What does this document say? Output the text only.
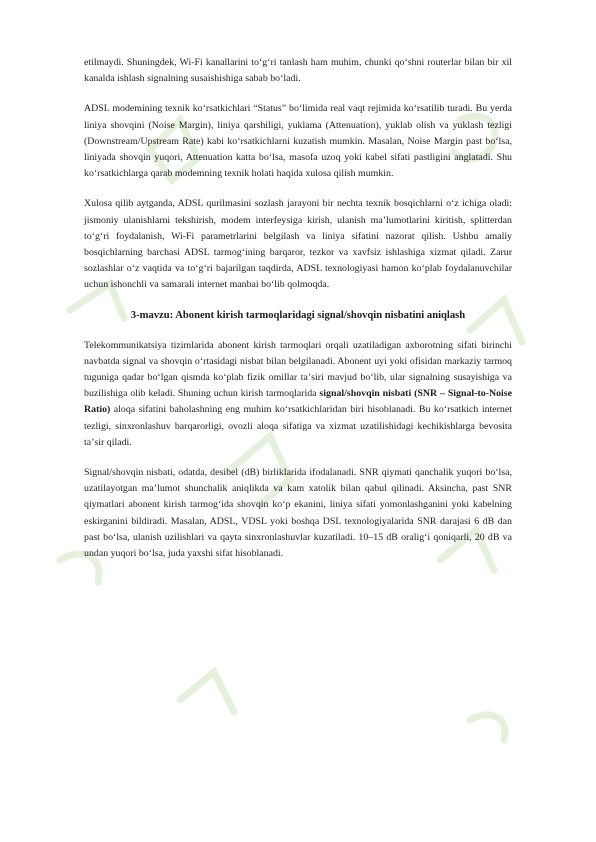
etilmaydi. Shuningdek, Wi-Fi kanallarini toʻgʻri tanlash ham muhim, chunki qoʻshni routerlar bilan bir xil kanalda ishlash signalning susaishishiga sabab boʻladi.

ADSL modemining texnik koʻrsatkichlari “Status” boʻlimida real vaqt rejimida koʻrsatilib turadi. Bu yerda liniya shovqini (Noise Margin), liniya qarshiligi, yuklama (Attenuation), yuklab olish va yuklash tezligi (Downstream/Upstream Rate) kabi koʻrsatkichlarni kuzatish mumkin. Masalan, Noise Margin past boʻlsa, liniyada shovqin yuqori, Attenuation katta boʻlsa, masofa uzoq yoki kabel sifati pastligini anglatadi. Shu koʻrsatkichlarga qarab modemning texnik holati haqida xulosa qilish mumkin.

Xulosa qilib aytganda, ADSL qurilmasini sozlash jarayoni bir nechta texnik bosqichlarni oʻz ichiga oladi: jismoniy ulanishlarni tekshirish, modem interfeysiga kirish, ulanish maʼlumotlarini kiritish, splitterdan toʻgʻri foydalanish, Wi-Fi parametrlarini belgilash va liniya sifatini nazorat qilish. Ushbu amaliy bosqichlarning barchasi ADSL tarmogʻining barqaror, tezkor va xavfsiz ishlashiga xizmat qiladi. Zarur sozlashlar oʻz vaqtida va toʻgʻri bajarilgan taqdirda, ADSL texnologiyasi hamon koʻplab foydalanuvchilar uchun ishonchli va samarali internet manbai boʻlib qolmoqda.

3-mavzu: Abonent kirish tarmoqlaridagi signal/shovqin nisbatini aniqlash

Telekommunikatsiya tizimlarida abonent kirish tarmoqlari orqali uzatiladigan axborotning sifati birinchi navbatda signal va shovqin oʻrtasidagi nisbat bilan belgilanadi. Abonent uyi yoki ofisidan markaziy tarmoq tuguniga qadar boʻlgan qismda koʻplab fizik omillar taʼsiri mavjud boʻlib, ular signalning susayishiga va buzilishiga olib keladi. Shuning uchun kirish tarmoqlarida signal/shovqin nisbati (SNR – Signal-to-Noise Ratio) aloqa sifatini baholashning eng muhim koʻrsatkichlaridan biri hisoblanadi. Bu koʻrsatkich internet tezligi, sinxronlashuv barqarorligi, ovozli aloqa sifatiga va xizmat uzatilishidagi kechikishlarga bevosita taʼsir qiladi.

Signal/shovqin nisbati, odatda, desibel (dB) birliklarida ifodalanadi. SNR qiymati qanchalik yuqori boʻlsa, uzatilayotgan maʼlumot shunchalik aniqlikda va kam xatolik bilan qabul qilinadi. Aksincha, past SNR qiymatlari abonent kirish tarmogʻida shovqin koʻp ekanini, liniya sifati yomonlashganini yoki kabelning eskirganini bildiradi. Masalan, ADSL, VDSL yoki boshqa DSL texnologiyalarida SNR darajasi 6 dB dan past boʻlsa, ulanish uzilishlari va qayta sinxronlashuvlar kuzatiladi. 10–15 dB oraligʻi qoniqarli, 20 dB va undan yuqori boʻlsa, juda yaxshi sifat hisoblanadi.
